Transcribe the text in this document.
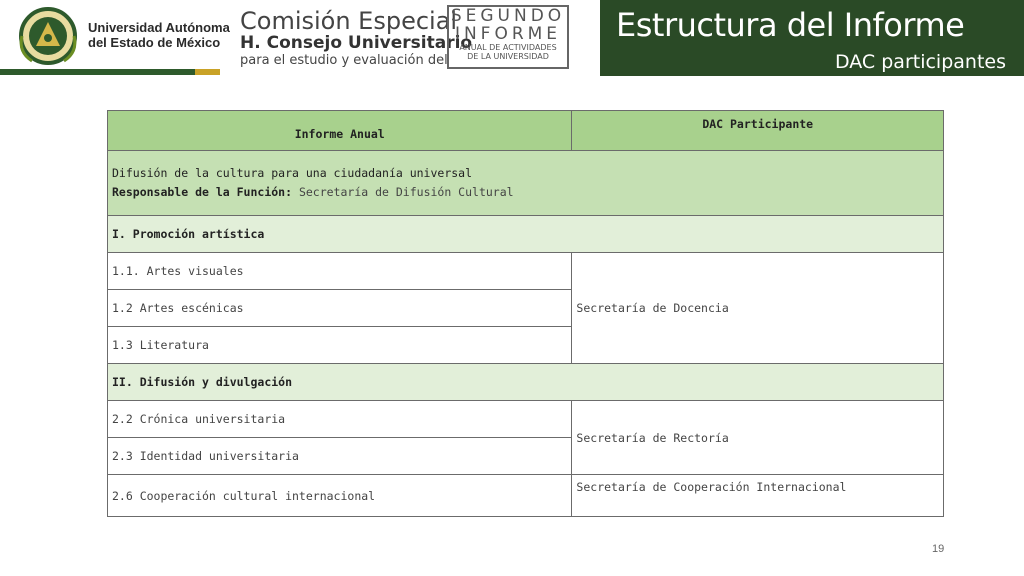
Universidad Autónoma
del Estado de México
Comisión Especial
H. Consejo Universitario
para el estudio y evaluación del
SEGUNDO
INFORME
ANUAL DE ACTIVIDADES
DE LA UNIVERSIDAD
Estructura del Informe
DAC participantes
Informe Anual	DAC Participante

Difusión de la cultura para una ciudadanía universal
Responsable de la Función: Secretaría de Difusión Cultural	

I. Promoción artística	
1.1. Artes visuales	Secretaría de Docencia
1.2 Artes escénicas	
1.3 Literatura	
II. Difusión y divulgación	
2.2 Crónica universitaria	Secretaría de Rectoría
2.3 Identidad universitaria	
2.6 Cooperación cultural internacional	Secretaría de Cooperación Internacional
19
